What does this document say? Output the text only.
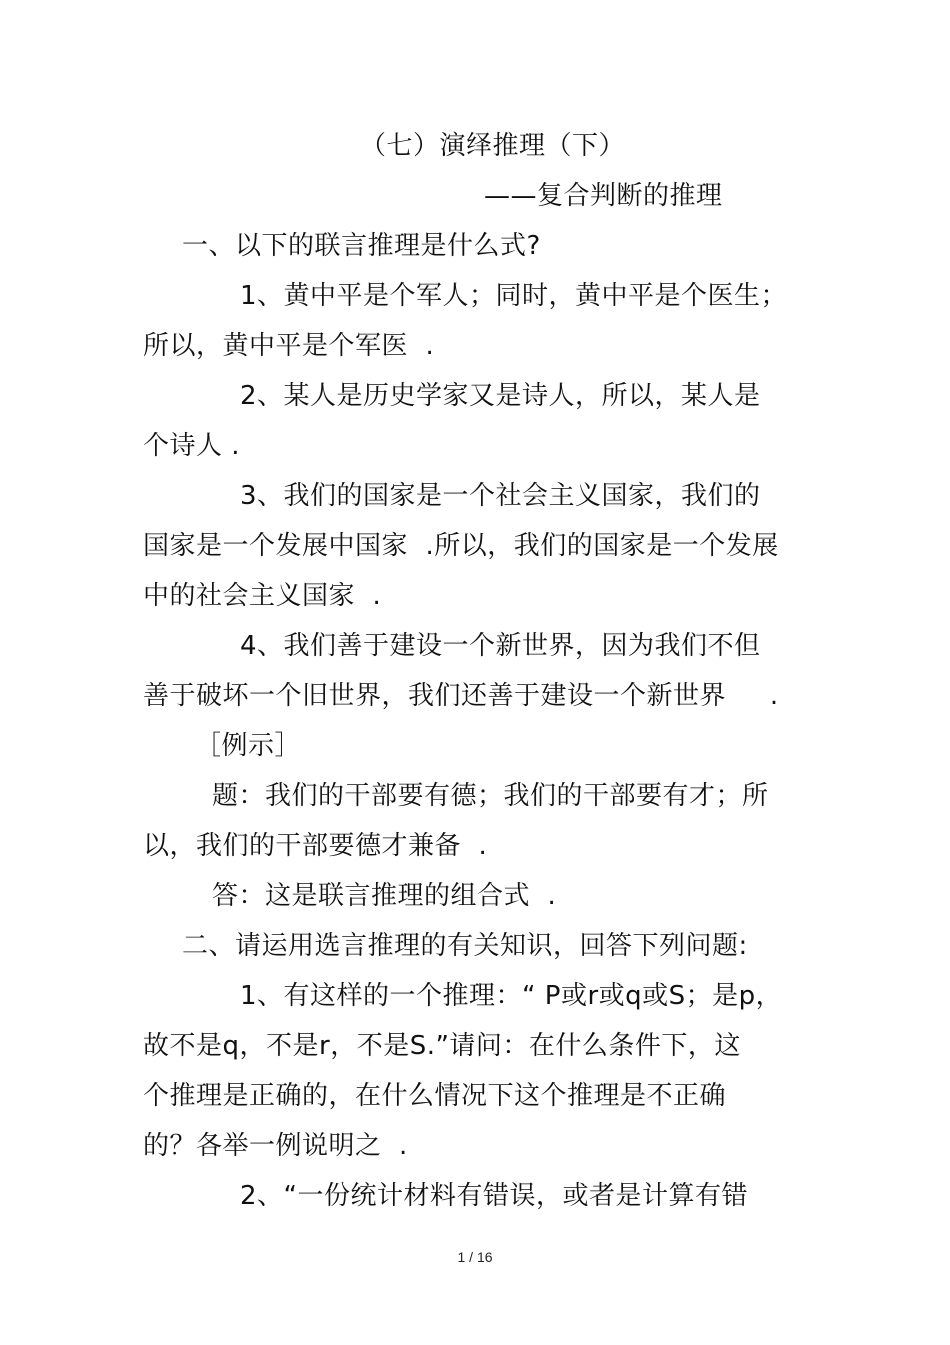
（七）演绎推理（下）
——复合判断的推理
一、以下的联言推理是什么式?
1、黄中平是个军人；同时，黄中平是个医生；
所以，黄中平是个军医  .
2、某人是历史学家又是诗人，所以，某人是
个诗人 .
3、我们的国家是一个社会主义国家，我们的
国家是一个发展中国家  .所以，我们的国家是一个发展
中的社会主义国家  .
4、我们善于建设一个新世界，因为我们不但
善于破坏一个旧世界，我们还善于建设一个新世界     .
［例示］
题：我们的干部要有德；我们的干部要有才；所
以，我们的干部要德才兼备  .
答：这是联言推理的组合式  .
二、请运用选言推理的有关知识，回答下列问题:
1、有这样的一个推理：“ P或r或q或S；是p，
故不是q，不是r，不是S.”请问：在什么条件下，这
个推理是正确的，在什么情况下这个推理是不正确
的？各举一例说明之  .
2、“一份统计材料有错误，或者是计算有错
1 / 16
